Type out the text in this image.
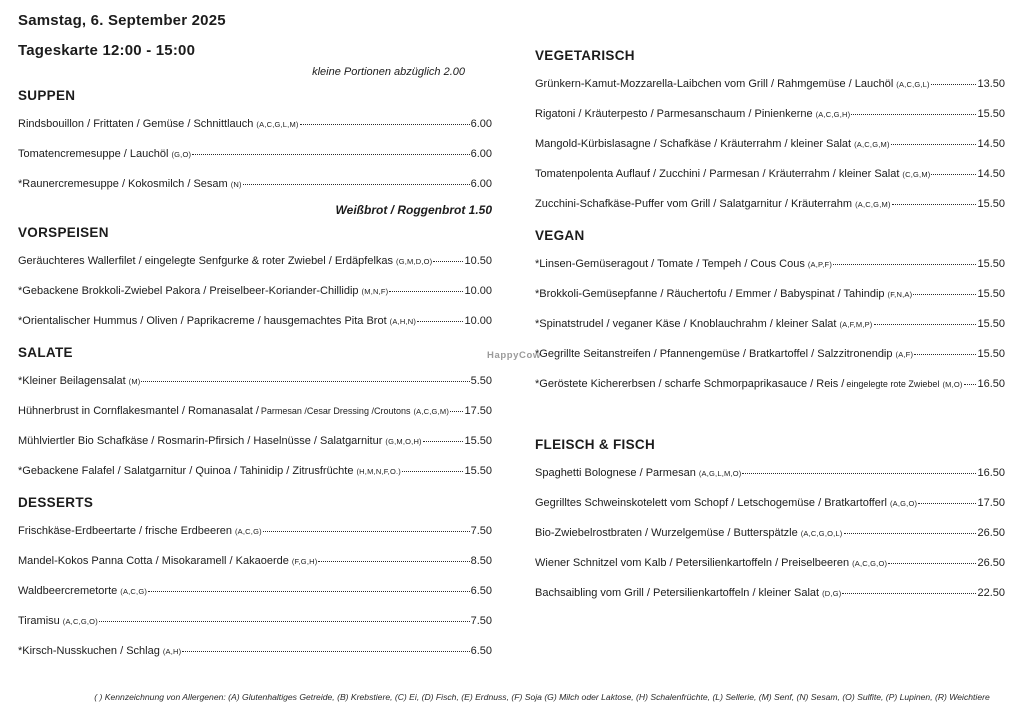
Samstag, 6. September 2025
Tageskarte 12:00 - 15:00
kleine Portionen abzüglich 2.00
SUPPEN
Rindsbouillon / Frittaten / Gemüse / Schnittlauch (A,C,G,L,M)	6.00
Tomatencremesuppe / Lauchöl (G,O)	6.00
*Raunercremesuppe / Kokosmilch / Sesam (N)	6.00
Weißbrot / Roggenbrot 1.50
VORSPEISEN
Geräuchteres Wallerfilet / eingelegte Senfgurke & roter Zwiebel / Erdäpfelkas (G,M,D,O)	10.50
*Gebackene Brokkoli-Zwiebel Pakora / Preiselbeer-Koriander-Chillidip (M,N,F)	10.00
*Orientalischer Hummus / Oliven / Paprikacreme / hausgemachtes Pita Brot (A,H,N)	10.00
SALATE
*Kleiner Beilagensalat (M)	5.50
Hühnerbrust in Cornflakesmantel / Romanasalat / Parmesan /Cesar Dressing /Croutons (A,C,G,M) 17.50
Mühlviertler Bio Schafkäse / Rosmarin-Pfirsich / Haselnüsse / Salatgarnitur (G,M,O,H)	15.50
*Gebackene Falafel / Salatgarnitur / Quinoa / Tahinidip / Zitrusfrüchte (H,M,N,F,O.)	15.50
DESSERTS
Frischkäse-Erdbeertarte / frische Erdbeeren (A,C,G)	7.50
Mandel-Kokos Panna Cotta / Misokaramell / Kakaoerde (F,G,H)	8.50
Waldbeercremetorte (A,C,G)	6.50
Tiramisu (A,C,G,O)	7.50
*Kirsch-Nusskuchen / Schlag (A,H)	6.50
VEGETARISCH
Grünkern-Kamut-Mozzarella-Laibchen vom Grill / Rahmgemüse / Lauchöl (A,C,G,L)	13.50
Rigatoni / Kräuterpesto / Parmesanschaum / Pinienkerne (A,C,G,H)	15.50
Mangold-Kürbislasagne / Schafkäse / Kräuterrahm / kleiner Salat (A,C,G,M)	14.50
Tomatenpolenta Auflauf / Zucchini / Parmesan / Kräuterrahm / kleiner Salat (C,G,M)	14.50
Zucchini-Schafkäse-Puffer vom Grill / Salatgarnitur / Kräuterrahm (A,C,G,M)	15.50
VEGAN
*Linsen-Gemüseragout / Tomate / Tempeh / Cous Cous (A,P,F)	15.50
*Brokkoli-Gemüsepfanne / Räuchertofu / Emmer / Babyspinat / Tahindip (F,N,A)	15.50
*Spinatstrudel / veganer Käse / Knoblauchrahm / kleiner Salat (A,F,M,P)	15.50
*Gegrillte Seitanstreifen / Pfannengemüse / Bratkartoffel / Salzzitronendip (A,F)	15.50
*Geröstete Kichererbsen / scharfe Schmorpaprikasauce / Reis / eingelegte rote Zwiebel (M,O) 16.50
FLEISCH & FISCH
Spaghetti Bolognese / Parmesan (A,G,L,M,O)	16.50
Gegrilltes Schweinskotelett vom Schopf / Letschogemüse / Bratkartofferl (A,G,O)	17.50
Bio-Zwiebelrostbraten / Wurzelgemüse / Butterspätzle (A,C,G,O,L)	26.50
Wiener Schnitzel vom Kalb / Petersilienkartoffeln / Preiselbeeren (A,C,G,O)	26.50
Bachsaibling vom Grill / Petersilienkartoffeln / kleiner Salat (D,G)	22.50
HappyCow
( ) Kennzeichnung von Allergenen: (A) Glutenhaltiges Getreide, (B) Krebstiere, (C) Ei, (D) Fisch, (E) Erdnuss, (F) Soja (G) Milch oder Laktose, (H) Schalenfrüchte, (L) Sellerie, (M) Senf, (N) Sesam, (O) Sulfite, (P) Lupinen, (R) Weichtiere
